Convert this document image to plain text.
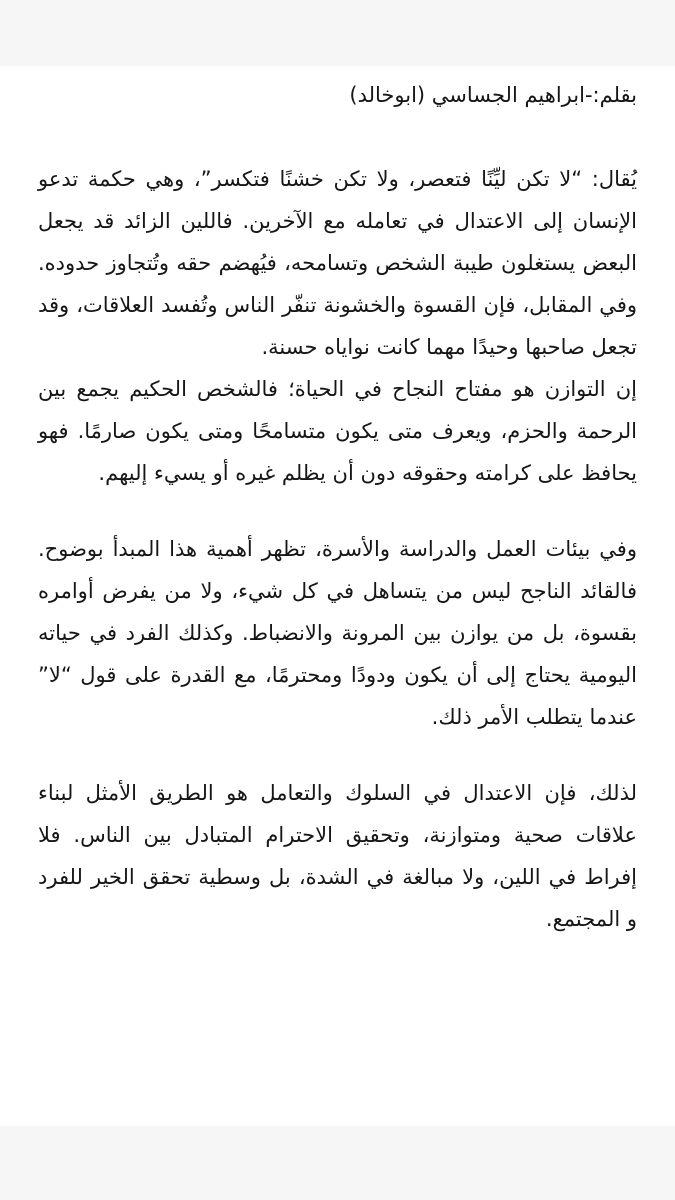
بقلم:-ابراهيم الجساسي (ابوخالد)

يُقال: “لا تكن ليِّنًا فتعصر، ولا تكن خشنًا فتكسر”، وهي حكمة تدعو الإنسان إلى الاعتدال في تعامله مع الآخرين. فاللين الزائد قد يجعل البعض يستغلون طيبة الشخص وتسامحه، فيُهضم حقه وتُتجاوز حدوده. وفي المقابل، فإن القسوة والخشونة تنفّر الناس وتُفسد العلاقات، وقد تجعل صاحبها وحيدًا مهما كانت نواياه حسنة.

إن التوازن هو مفتاح النجاح في الحياة؛ فالشخص الحكيم يجمع بين الرحمة والحزم، ويعرف متى يكون متسامحًا ومتى يكون صارمًا. فهو يحافظ على كرامته وحقوقه دون أن يظلم غيره أو يسيء إليهم.

وفي بيئات العمل والدراسة والأسرة، تظهر أهمية هذا المبدأ بوضوح. فالقائد الناجح ليس من يتساهل في كل شيء، ولا من يفرض أوامره بقسوة، بل من يوازن بين المرونة والانضباط. وكذلك الفرد في حياته اليومية يحتاج إلى أن يكون ودودًا ومحترمًا، مع القدرة على قول “لا” عندما يتطلب الأمر ذلك.

لذلك، فإن الاعتدال في السلوك والتعامل هو الطريق الأمثل لبناء علاقات صحية ومتوازنة، وتحقيق الاحترام المتبادل بين الناس. فلا إفراط في اللين، ولا مبالغة في الشدة، بل وسطية تحقق الخير للفرد و المجتمع.
